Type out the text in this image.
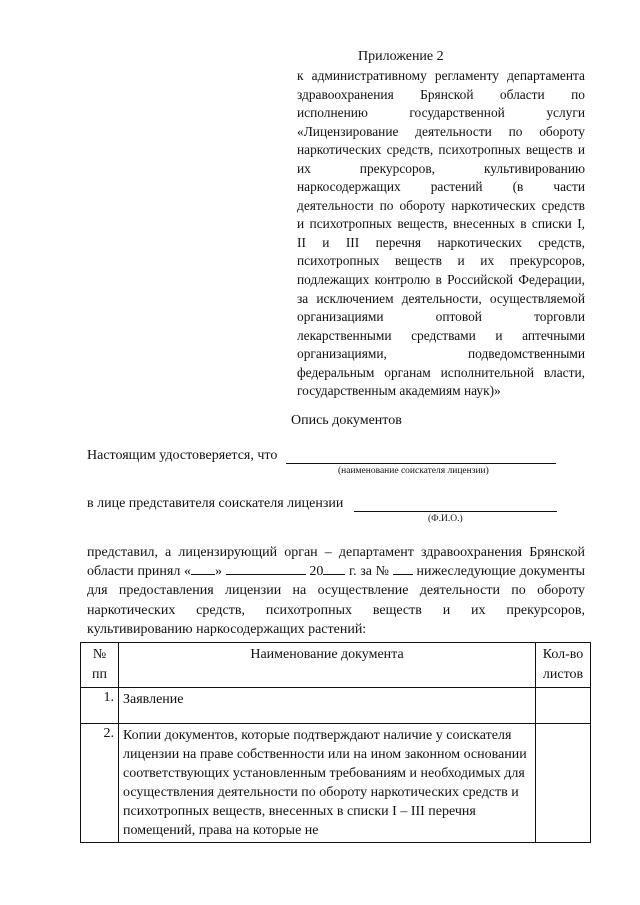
Приложение 2
к административному регламенту департамента здравоохранения Брянской области по исполнению государственной услуги «Лицензирование деятельности по обороту наркотических средств, психотропных веществ и их прекурсоров, культивированию наркосодержащих растений (в части деятельности по обороту наркотических средств и психотропных веществ, внесенных в списки I, II и III перечня наркотических средств, психотропных веществ и их прекурсоров, подлежащих контролю в Российской Федерации, за исключением деятельности, осуществляемой организациями оптовой торговли лекарственными средствами и аптечными организациями, подведомственными федеральным органам исполнительной власти, государственным академиям наук)»
Опись документов
Настоящим удостоверяется, что
(наименование соискателя лицензии)
в лице представителя соискателя лицензии
(Ф.И.О.)
представил, а лицензирующий орган – департамент здравоохранения Брянской области принял « »	20 г. за № нижеследующие документы для предоставления лицензии на осуществление деятельности по обороту наркотических средств, психотропных веществ и их прекурсоров, культивированию наркосодержащих растений:
№ пп	Наименование документа	Кол-во листов
1.	Заявление	
2.	Копии документов, которые подтверждают наличие у соискателя лицензии на праве собственности или на ином законном основании соответствующих установленным требованиям и необходимых для осуществления деятельности по обороту наркотических средств и психотропных веществ, внесенных в списки I – III перечня помещений, права на которые не	
